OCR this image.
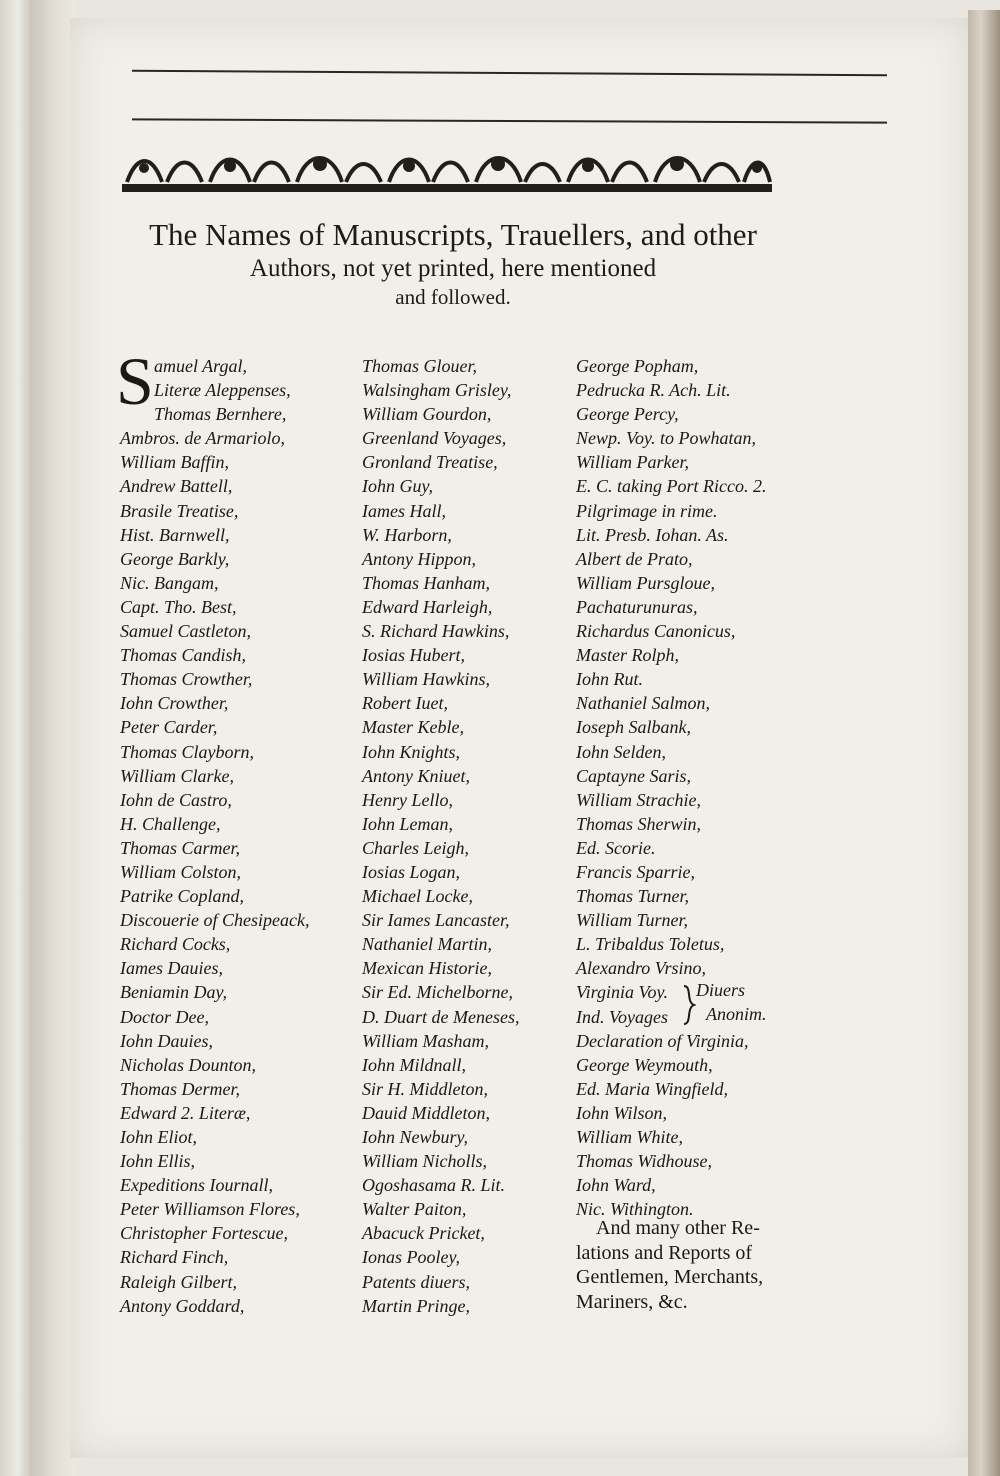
The Names of Manuscripts, Trauellers, and other
Authors, not yet printed, here mentioned
and followed.
S amuel Argal,
Literæ Aleppenses,
Thomas Bernhere,
Ambros. de Armariolo,
William Baffin,
Andrew Battell,
Brasile Treatise,
Hist. Barnwell,
George Barkly,
Nic. Bangam,
Capt. Tho. Best,
Samuel Castleton,
Thomas Candish,
Thomas Crowther,
Iohn Crowther,
Peter Carder,
Thomas Clayborn,
William Clarke,
Iohn de Castro,
H. Challenge,
Thomas Carmer,
William Colston,
Patrike Copland,
Discouerie of Chesipeack,
Richard Cocks,
Iames Dauies,
Beniamin Day,
Doctor Dee,
Iohn Dauies,
Nicholas Dounton,
Thomas Dermer,
Edward 2. Literæ,
Iohn Eliot,
Iohn Ellis,
Expeditions Iournall,
Peter Williamson Flores,
Christopher Fortescue,
Richard Finch,
Raleigh Gilbert,
Antony Goddard,
Thomas Glouer,
Walsingham Grisley,
William Gourdon,
Greenland Voyages,
Gronland Treatise,
Iohn Guy,
Iames Hall,
W. Harborn,
Antony Hippon,
Thomas Hanham,
Edward Harleigh,
S. Richard Hawkins,
Iosias Hubert,
William Hawkins,
Robert Iuet,
Master Keble,
Iohn Knights,
Antony Kniuet,
Henry Lello,
Iohn Leman,
Charles Leigh,
Iosias Logan,
Michael Locke,
Sir Iames Lancaster,
Nathaniel Martin,
Mexican Historie,
Sir Ed. Michelborne,
D. Duart de Meneses,
William Masham,
Iohn Mildnall,
Sir H. Middleton,
Dauid Middleton,
Iohn Newbury,
William Nicholls,
Ogoshasama R. Lit.
Walter Paiton,
Abacuck Pricket,
Ionas Pooley,
Patents diuers,
Martin Pringe,
George Popham,
Pedrucka R. Ach. Lit.
George Percy,
Newp. Voy. to Powhatan,
William Parker,
E. C. taking Port Ricco. 2.
Pilgrimage in rime.
Lit. Presb. Iohan. As.
Albert de Prato,
William Pursgloue,
Pachaturunuras,
Richardus Canonicus,
Master Rolph,
Iohn Rut.
Nathaniel Salmon,
Ioseph Salbank,
Iohn Selden,
Captayne Saris,
William Strachie,
Thomas Sherwin,
Ed. Scorie.
Francis Sparrie,
Thomas Turner,
William Turner,
L. Tribaldus Toletus,
Alexandro Vrsino,
Virginia Voy.
Ind. Voyages
Declaration of Virginia,
George Weymouth,
Ed. Maria Wingfield,
Iohn Wilson,
William White,
Thomas Widhouse,
Iohn Ward,
Nic. Withington.
Diuers
Anonim.
And many other Re-
lations and Reports of
Gentlemen, Merchants,
Mariners, &c.
